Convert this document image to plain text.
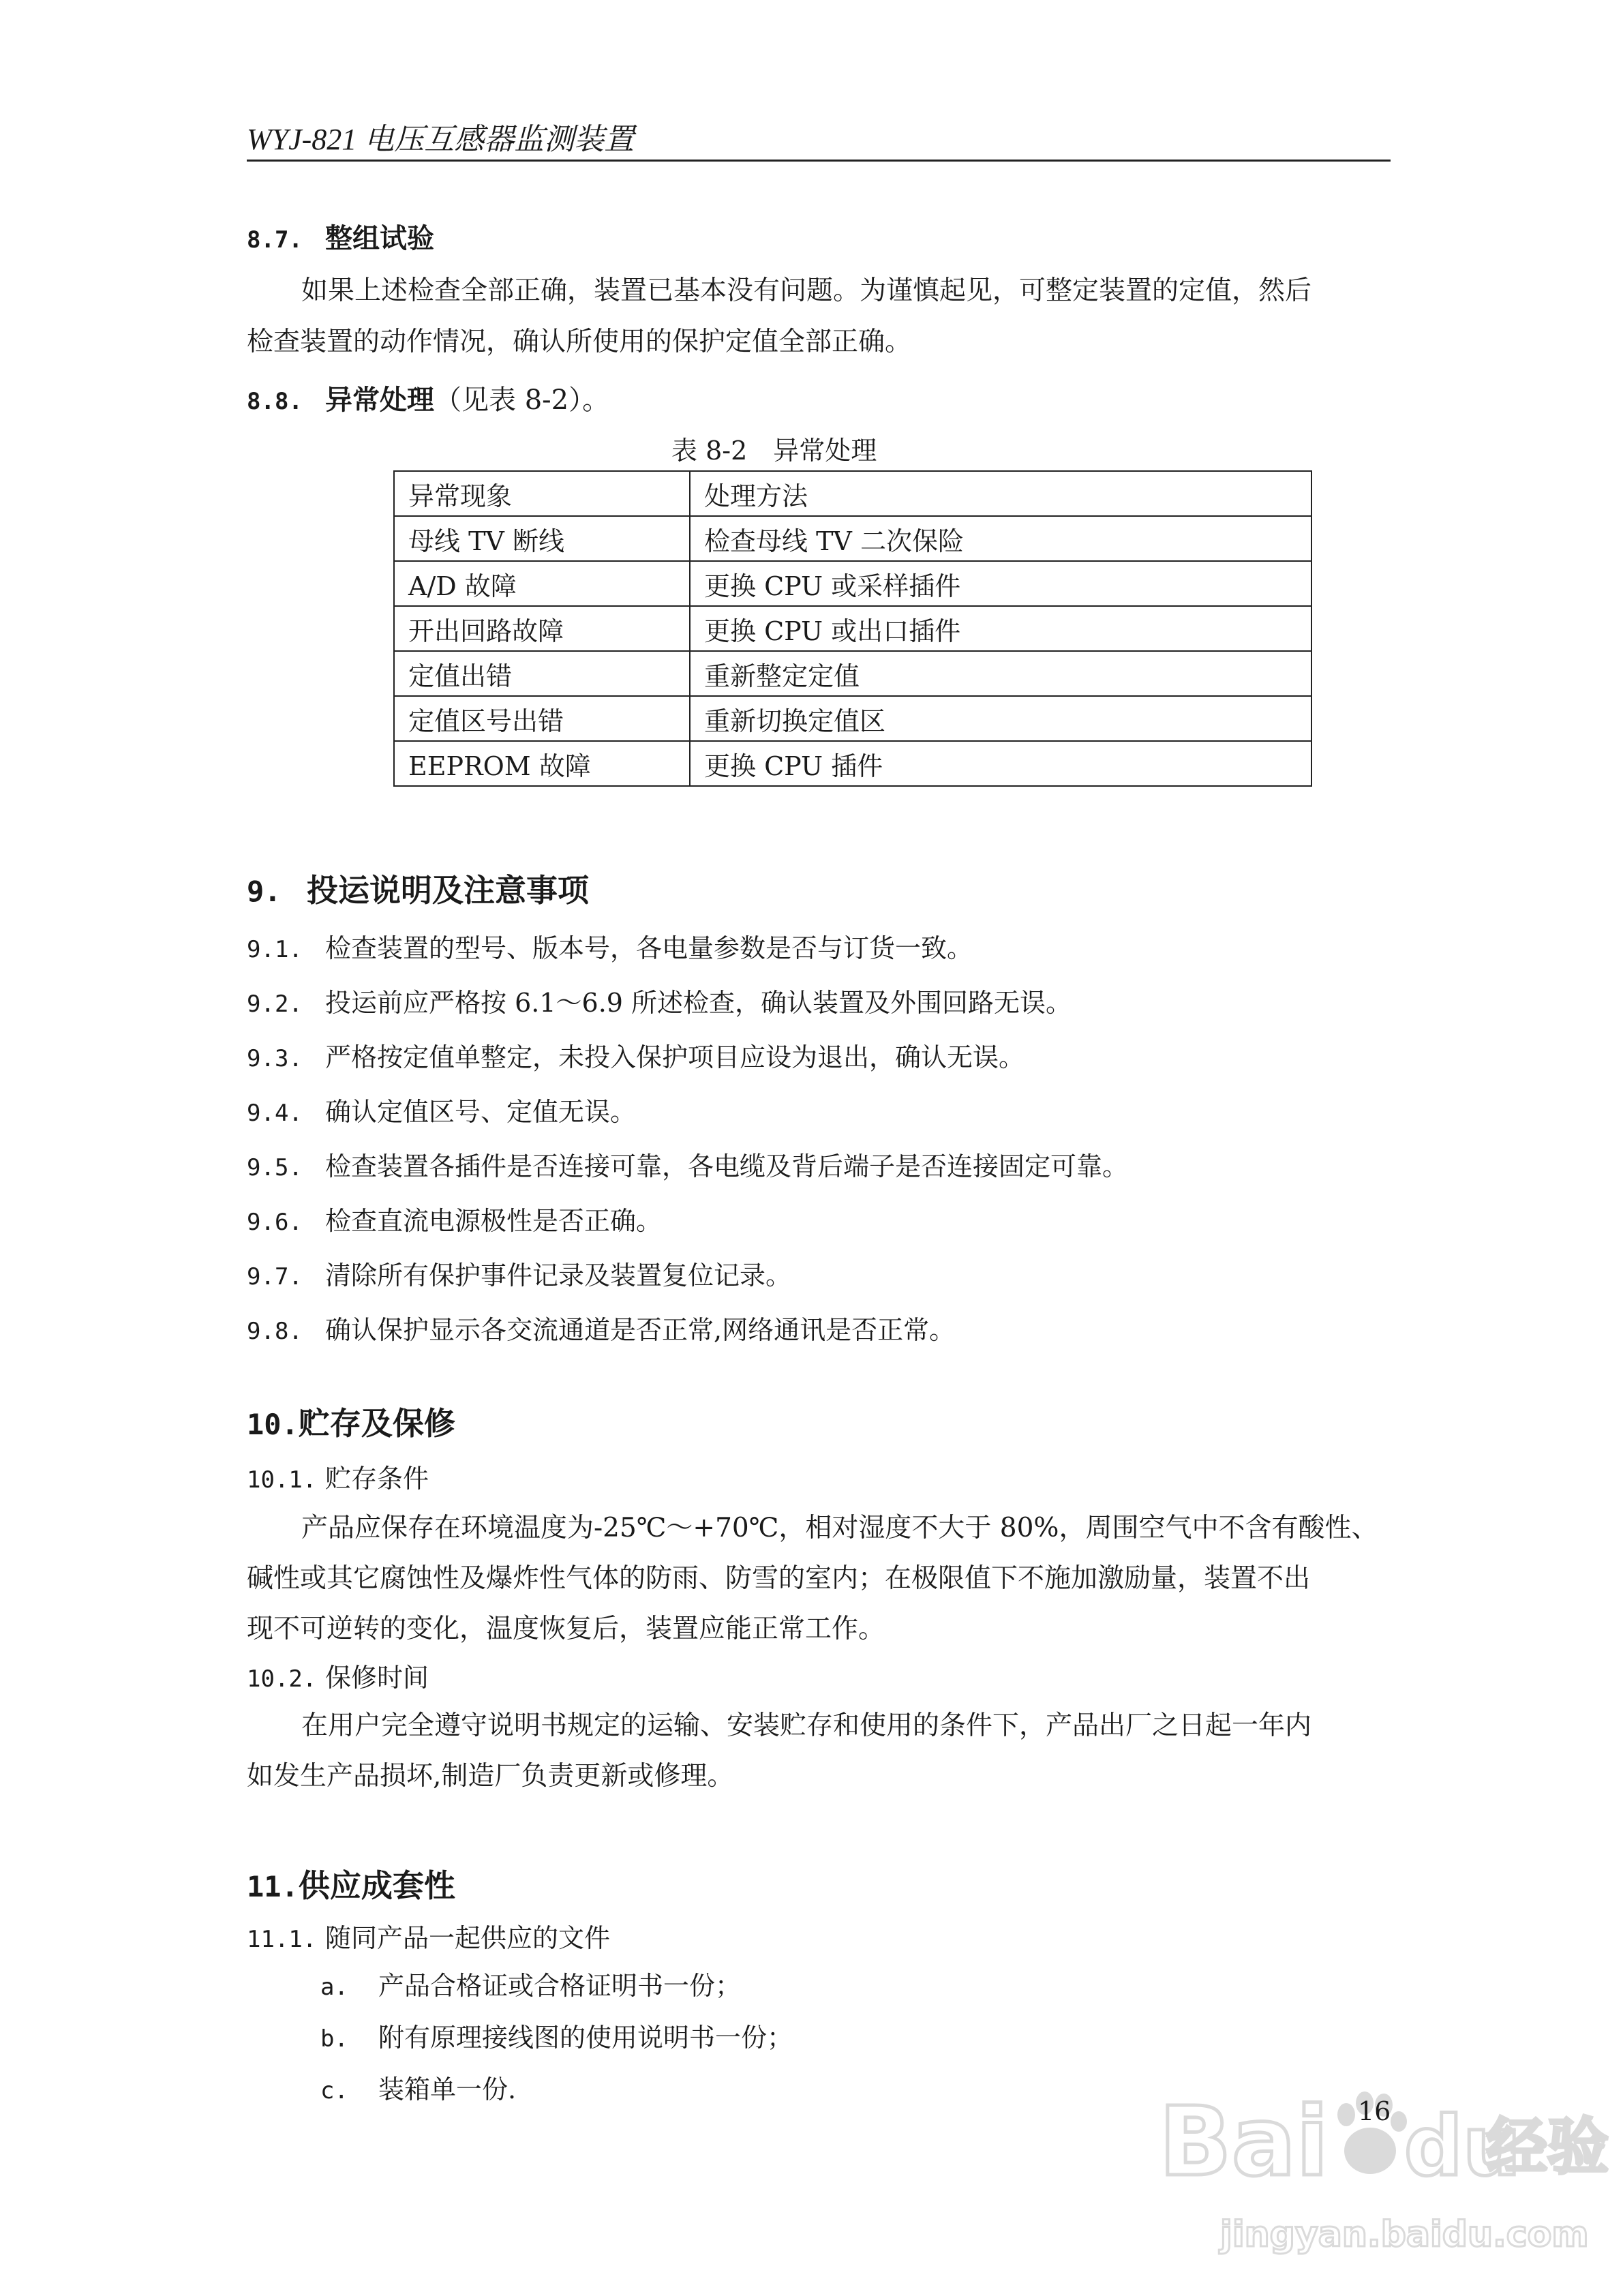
WYJ-821 电压互感器监测装置
8.7. 整组试验
如果上述检查全部正确，装置已基本没有问题。为谨慎起见，可整定装置的定值，然后
检查装置的动作情况，确认所使用的保护定值全部正确。
8.8. 异常处理（见表 8-2）。
表 8-2　异常处理
异常现象	处理方法
母线 TV 断线	检查母线 TV 二次保险
A/D 故障	更换 CPU 或采样插件
开出回路故障	更换 CPU 或出口插件
定值出错	重新整定定值
定值区号出错	重新切换定值区
EEPROM 故障	更换 CPU 插件
9. 投运说明及注意事项
9.1. 检查装置的型号、版本号，各电量参数是否与订货一致。
9.2. 投运前应严格按 6.1～6.9 所述检查，确认装置及外围回路无误。
9.3. 严格按定值单整定，未投入保护项目应设为退出，确认无误。
9.4. 确认定值区号、定值无误。
9.5. 检查装置各插件是否连接可靠，各电缆及背后端子是否连接固定可靠。
9.6. 检查直流电源极性是否正确。
9.7. 清除所有保护事件记录及装置复位记录。
9.8. 确认保护显示各交流通道是否正常,网络通讯是否正常。
10.贮存及保修
10.1. 贮存条件
产品应保存在环境温度为-25℃～+70℃，相对湿度不大于 80%，周围空气中不含有酸性、
碱性或其它腐蚀性及爆炸性气体的防雨、防雪的室内；在极限值下不施加激励量，装置不出
现不可逆转的变化，温度恢复后，装置应能正常工作。
10.2. 保修时间
在用户完全遵守说明书规定的运输、安装贮存和使用的条件下，产品出厂之日起一年内
如发生产品损坏,制造厂负责更新或修理。
11.供应成套性
11.1. 随同产品一起供应的文件
a. 产品合格证或合格证明书一份；
b. 附有原理接线图的使用说明书一份；
c. 装箱单一份.	Bai du
经验
jingyan.baidu.com
16
